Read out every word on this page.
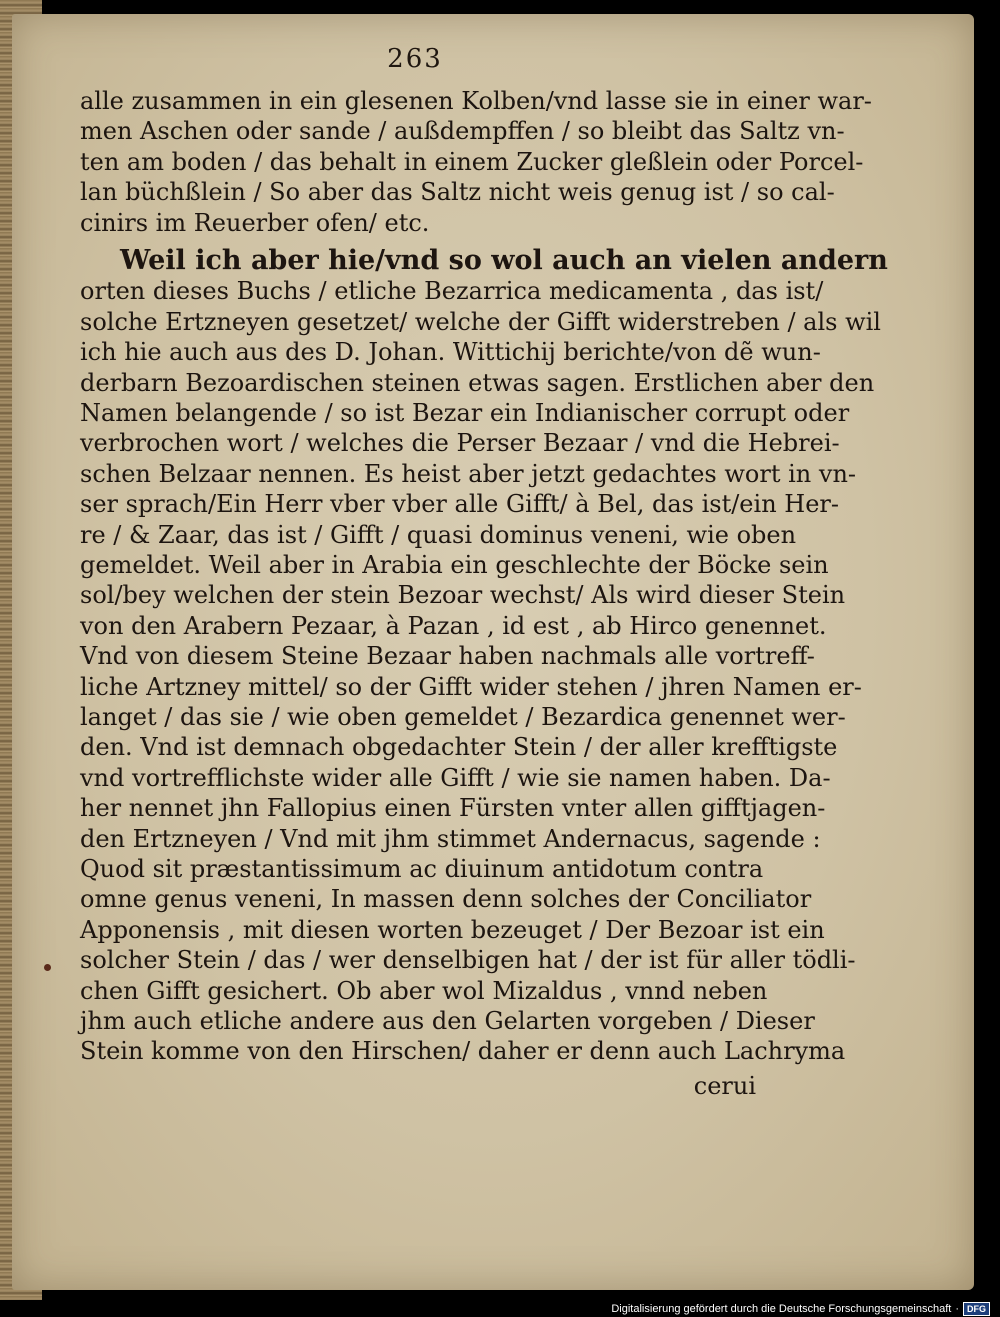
263
alle zusammen in ein glesenen Kolben/vnd lasse sie in einer war-
men Aschen oder sande / außdempffen / so bleibt das Saltz vn-
ten am boden / das behalt in einem Zucker gleßlein oder Porcel-
lan büchßlein / So aber das Saltz nicht weis genug ist / so cal-
cinirs im Reuerber ofen/ etc.
Weil ich aber hie/vnd so wol auch an vielen andern
orten dieses Buchs / etliche Bezarrica medicamenta , das ist/
solche Ertzneyen gesetzet/ welche der Gifft widerstreben / als wil
ich hie auch aus des D. Johan. Wittichij berichte/von dẽ wun-
derbarn Bezoardischen steinen etwas sagen. Erstlichen aber den
Namen belangende / so ist Bezar ein Indianischer corrupt oder
verbrochen wort / welches die Perser Bezaar / vnd die Hebrei-
schen Belzaar nennen. Es heist aber jetzt gedachtes wort in vn-
ser sprach/Ein Herr vber vber alle Gifft/ à Bel, das ist/ein Her-
re / & Zaar, das ist / Gifft / quasi dominus veneni, wie oben
gemeldet. Weil aber in Arabia ein geschlechte der Böcke sein
sol/bey welchen der stein Bezoar wechst/ Als wird dieser Stein
von den Arabern Pezaar, à Pazan , id est , ab Hirco genennet.
Vnd von diesem Steine Bezaar haben nachmals alle vortreff-
liche Artzney mittel/ so der Gifft wider stehen / jhren Namen er-
langet / das sie / wie oben gemeldet / Bezardica genennet wer-
den. Vnd ist demnach obgedachter Stein / der aller krefftigste
vnd vortrefflichste wider alle Gifft / wie sie namen haben. Da-
her nennet jhn Fallopius einen Fürsten vnter allen gifftjagen-
den Ertzneyen / Vnd mit jhm stimmet Andernacus, sagende :
Quod sit præstantissimum ac diuinum antidotum contra
omne genus veneni, In massen denn solches der Conciliator
Apponensis , mit diesen worten bezeuget / Der Bezoar ist ein
solcher Stein / das / wer denselbigen hat / der ist für aller tödli-
chen Gifft gesichert. Ob aber wol Mizaldus , vnnd neben
jhm auch etliche andere aus den Gelarten vorgeben / Dieser
Stein komme von den Hirschen/ daher er denn auch Lachryma
cerui
Digitalisierung gefördert durch die Deutsche Forschungsgemeinschaft · DFG
